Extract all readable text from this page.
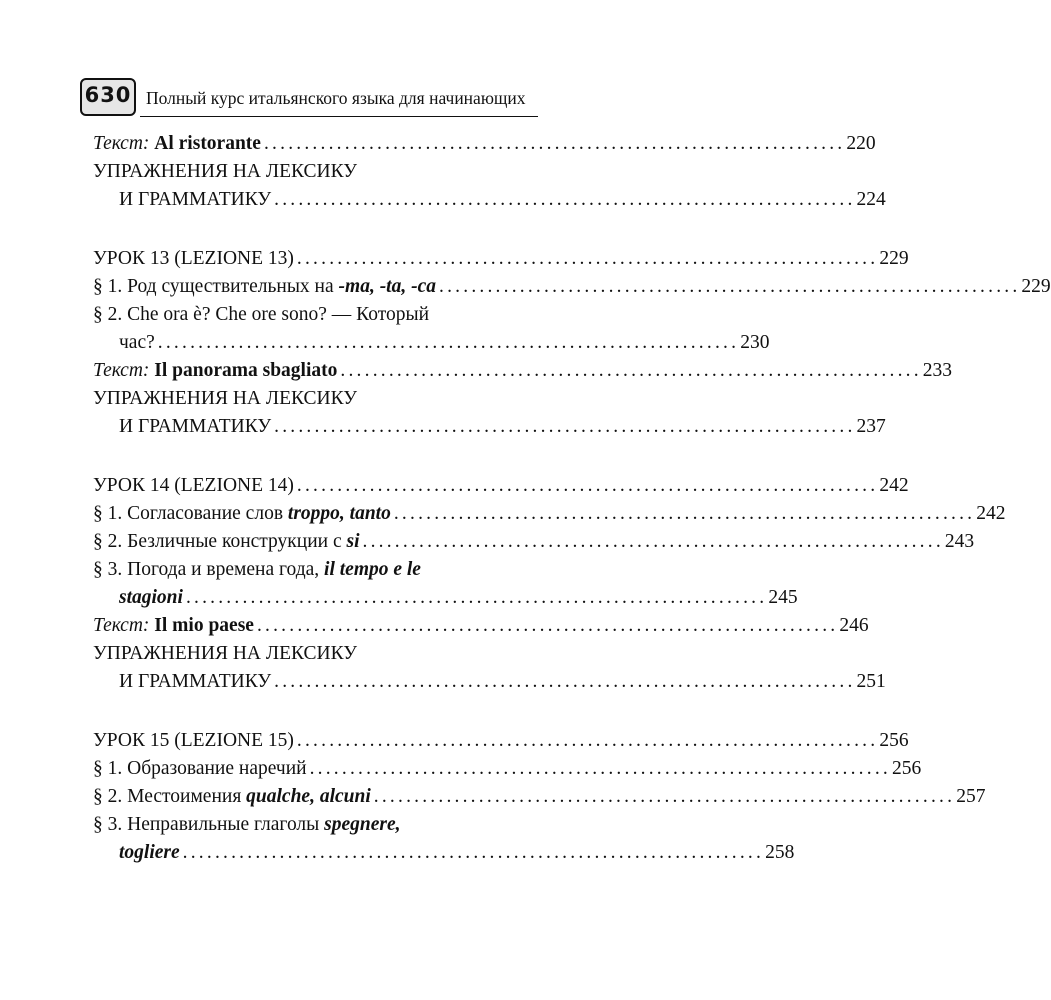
630 Полный курс итальянского языка для начинающих
Текст: Al ristorante ........................................................................ 220
УПРАЖНЕНИЯ НА ЛЕКСИКУ
И ГРАММАТИКУ ........................................................................ 224
УРОК 13 (LEZIONE 13) ........................................................................ 229
§ 1. Род существительных на -ma, -ta, -ca ........................................................................ 229
§ 2. Che ora è? Che ore sono? — Который
час? ........................................................................ 230
Текст: Il panorama sbagliato ........................................................................ 233
УПРАЖНЕНИЯ НА ЛЕКСИКУ
И ГРАММАТИКУ ........................................................................ 237
УРОК 14 (LEZIONE 14) ........................................................................ 242
§ 1. Согласование слов troppo, tanto ........................................................................ 242
§ 2. Безличные конструкции с si ........................................................................ 243
§ 3. Погода и времена года, il tempo e le
stagioni ........................................................................ 245
Текст: Il mio paese ........................................................................ 246
УПРАЖНЕНИЯ НА ЛЕКСИКУ
И ГРАММАТИКУ ........................................................................ 251
УРОК 15 (LEZIONE 15) ........................................................................ 256
§ 1. Образование наречий ........................................................................ 256
§ 2. Местоимения qualche, alcuni ........................................................................ 257
§ 3. Неправильные глаголы spegnere,
togliere ........................................................................ 258
